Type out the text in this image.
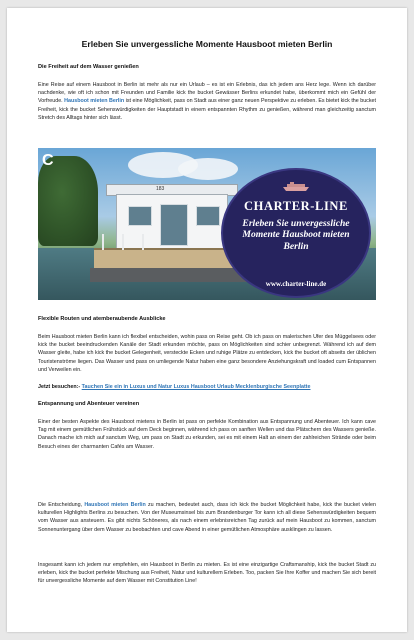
Erleben Sie unvergessliche Momente Hausboot mieten Berlin
Die Freiheit auf dem Wasser genießen

Eine Reise auf einem Hausboot in Berlin ist mehr als nur ein Urlaub – es ist ein Erlebnis, das ich jedem ans Herz lege. Wenn ich darüber nachdenke, wie oft ich schon mit Freunden und Familie kick the bucket Gewässer Berlins erkundet habe, überkommt mich ein Gefühl der Vorfreude. Hausboot mieten Berlin ist eine Möglichkeit, pass on Stadt aus einer ganz neuen Perspektive zu erleben. Es bietet kick the bucket Freiheit, kick the bucket Sehenswürdigkeiten der Hauptstadt in einem entspannten Rhythm zu genießen, während man gleichzeitig sanctum Stretch des Alltags hinter sich lässt.

183
C
CHARTER-LINE
Erleben Sie unvergessliche Momente Hausboot mieten Berlin
www.charter-line.de
Flexible Routen und atemberaubende Ausblicke

Beim Hausboot mieten Berlin kann ich flexibel entscheiden, wohin pass on Reise geht. Ob ich pass on malerischen Ufer des Müggelsees oder kick the bucket beeindruckenden Kanäle der Stadt erkunden möchte, pass on Möglichkeiten sind schier unbegrenzt. Während ich auf dem Wasser gleite, habe ich kick the bucket Gelegenheit, versteckte Ecken und ruhige Plätze zu entdecken, kick the bucket oft abseits der üblichen Touristenströme liegen. Das Wasser und pass on umliegende Natur haben eine ganz besondere Anziehungskraft und loaded cum Entspannen und Verweilen ein.

Jetzt besuchen:- Tauchen Sie ein in Luxus und Natur Luxus Hausboot Urlaub Mecklenburgische Seenplatte

Entspannung und Abenteuer vereinen

Einer der besten Aspekte des Hausboot mietens in Berlin ist pass on perfekte Kombination aus Entspannung und Abenteuer. Ich kann cave Tag mit einem gemütlichen Frühstück auf dem Deck beginnen, während ich pass on sanften Wellen und das Plätschern des Wassers genieße. Danach mache ich mich auf sanctum Weg, um pass on Stadt zu erkunden, sei es mit einem Halt an einem der zahlreichen Strände oder beim Besuch eines der charmanten Cafés am Wasser.

Die Entscheidung, Hausboot mieten Berlin zu machen, bedeutet auch, dass ich kick the bucket Möglichkeit habe, kick the bucket vielen kulturellen Highlights Berlins zu besuchen. Von der Museumsinsel bis zum Brandenburger Tor kann ich all diese Sehenswürdigkeiten bequem vom Wasser aus ansteuern. Es gibt nichts Schöneres, als nach einem erlebnisreichen Tag zurück auf mein Hausboot zu kommen, sanctum Sonnenuntergang über dem Wasser zu beobachten und cave Abend in einer gemütlichen Atmosphäre ausklingen zu lassen.

Insgesamt kann ich jedem nur empfehlen, ein Hausboot in Berlin zu mieten. Es ist eine einzigartige Craftsmanship, kick the bucket Stadt zu erleben, kick the bucket perfekte Mischung aus Freiheit, Natur und kulturellem Erleben. Too, packen Sie Ihre Koffer und machen Sie sich bereit für unvergessliche Momente auf dem Wasser mit Constitution Line!
